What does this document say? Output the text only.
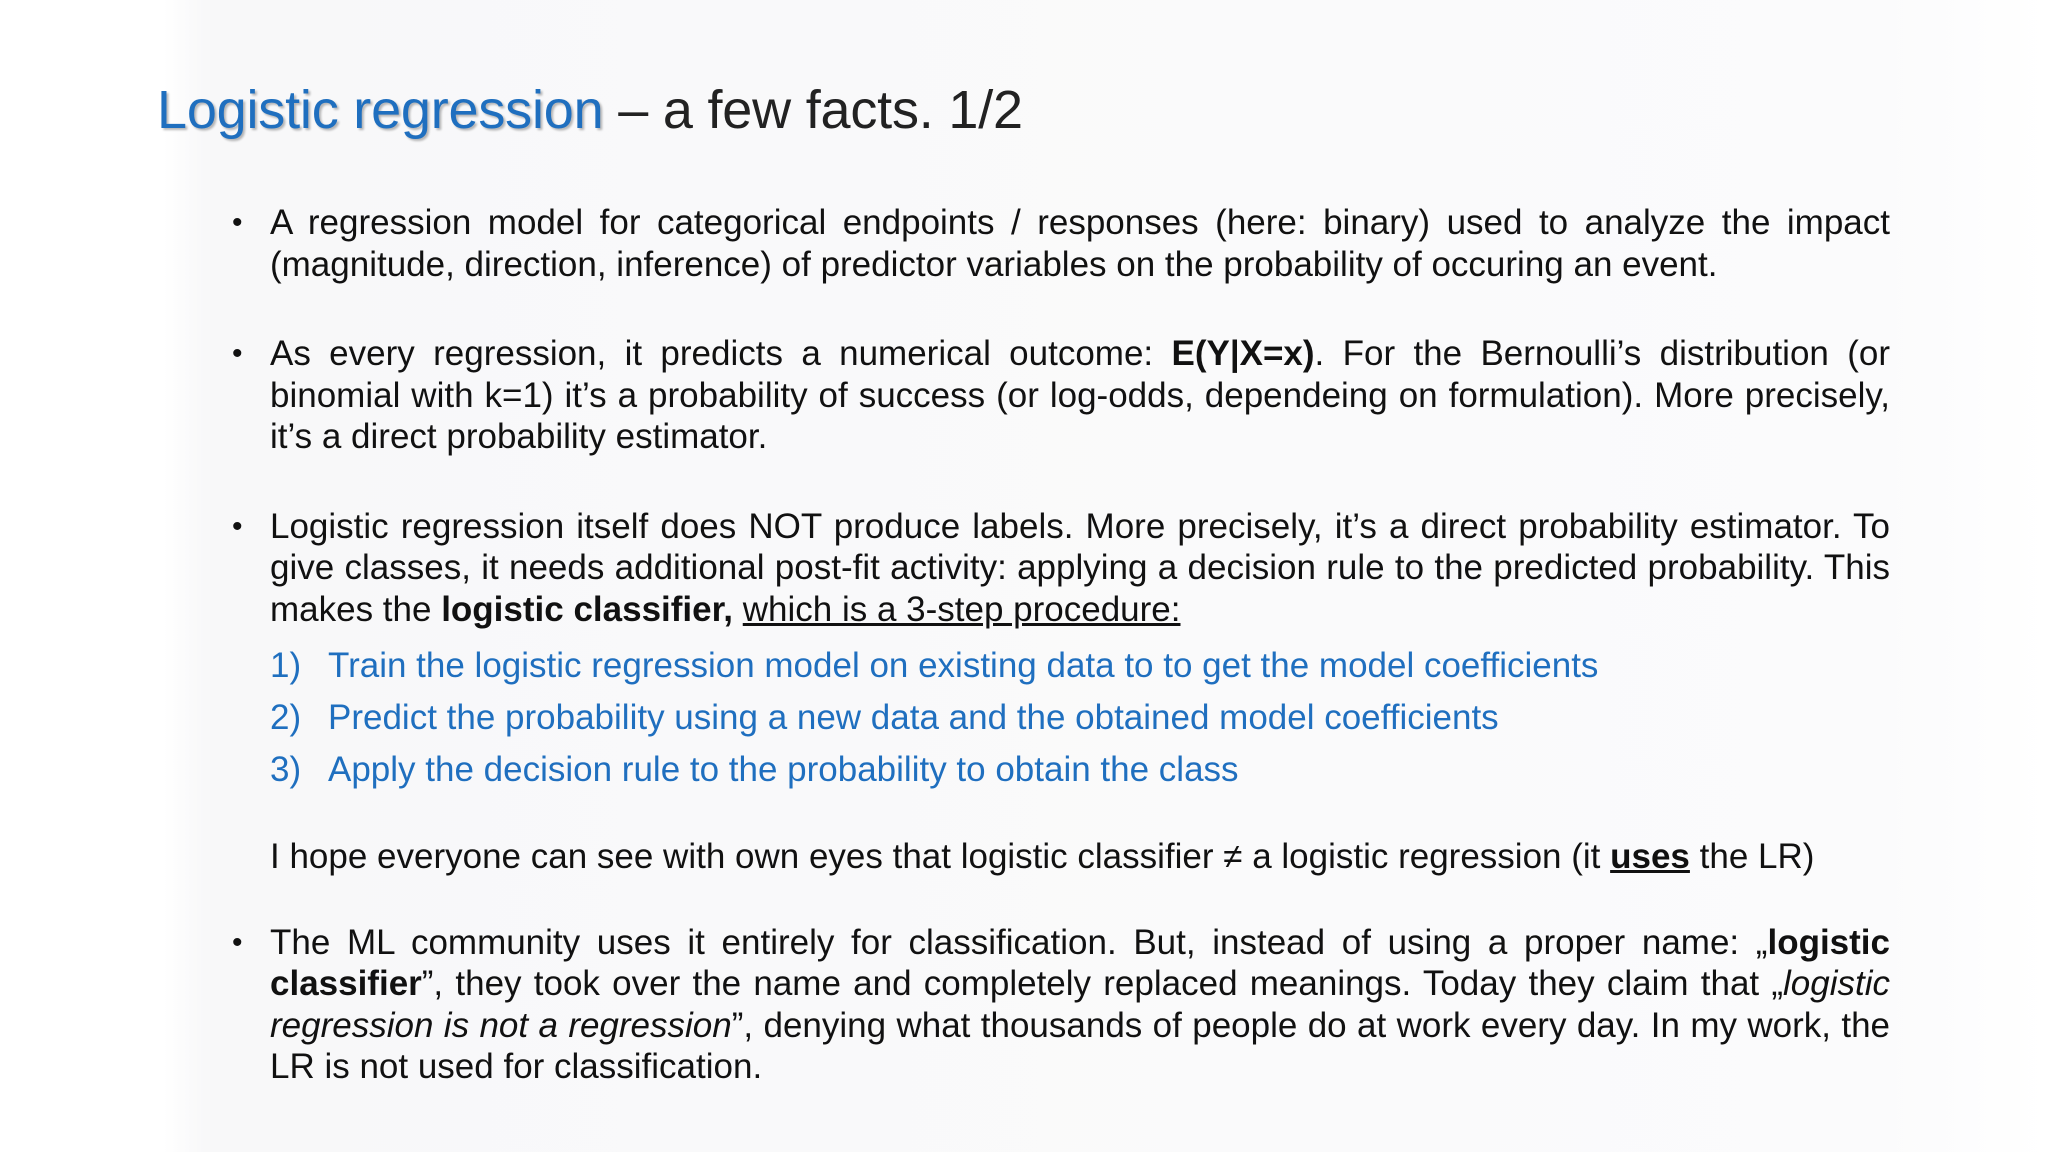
Logistic regression – a few facts. 1/2
• A regression model for categorical endpoints / responses (here: binary) used to analyze the impact (magnitude, direction, inference) of predictor variables on the probability of occuring an event.
• As every regression, it predicts a numerical outcome: E(Y|X=x). For the Bernoulli’s distribution (or binomial with k=1) it’s a probability of success (or log-odds, dependeing on formulation). More precisely, it’s a direct probability estimator.
• Logistic regression itself does NOT produce labels. More precisely, it’s a direct probability estimator. To give classes, it needs additional post-fit activity: applying a decision rule to the predicted probability. This makes the logistic classifier, which is a 3-step procedure:
1) Train the logistic regression model on existing data to to get the model coefficients
2) Predict the probability using a new data and the obtained model coefficients
3) Apply the decision rule to the probability to obtain the class
I hope everyone can see with own eyes that logistic classifier ≠ a logistic regression (it uses the LR)
• The ML community uses it entirely for classification. But, instead of using a proper name: „logistic classifier”, they took over the name and completely replaced meanings. Today they claim that „logistic regression is not a regression”, denying what thousands of people do at work every day. In my work, the LR is not used for classification.
